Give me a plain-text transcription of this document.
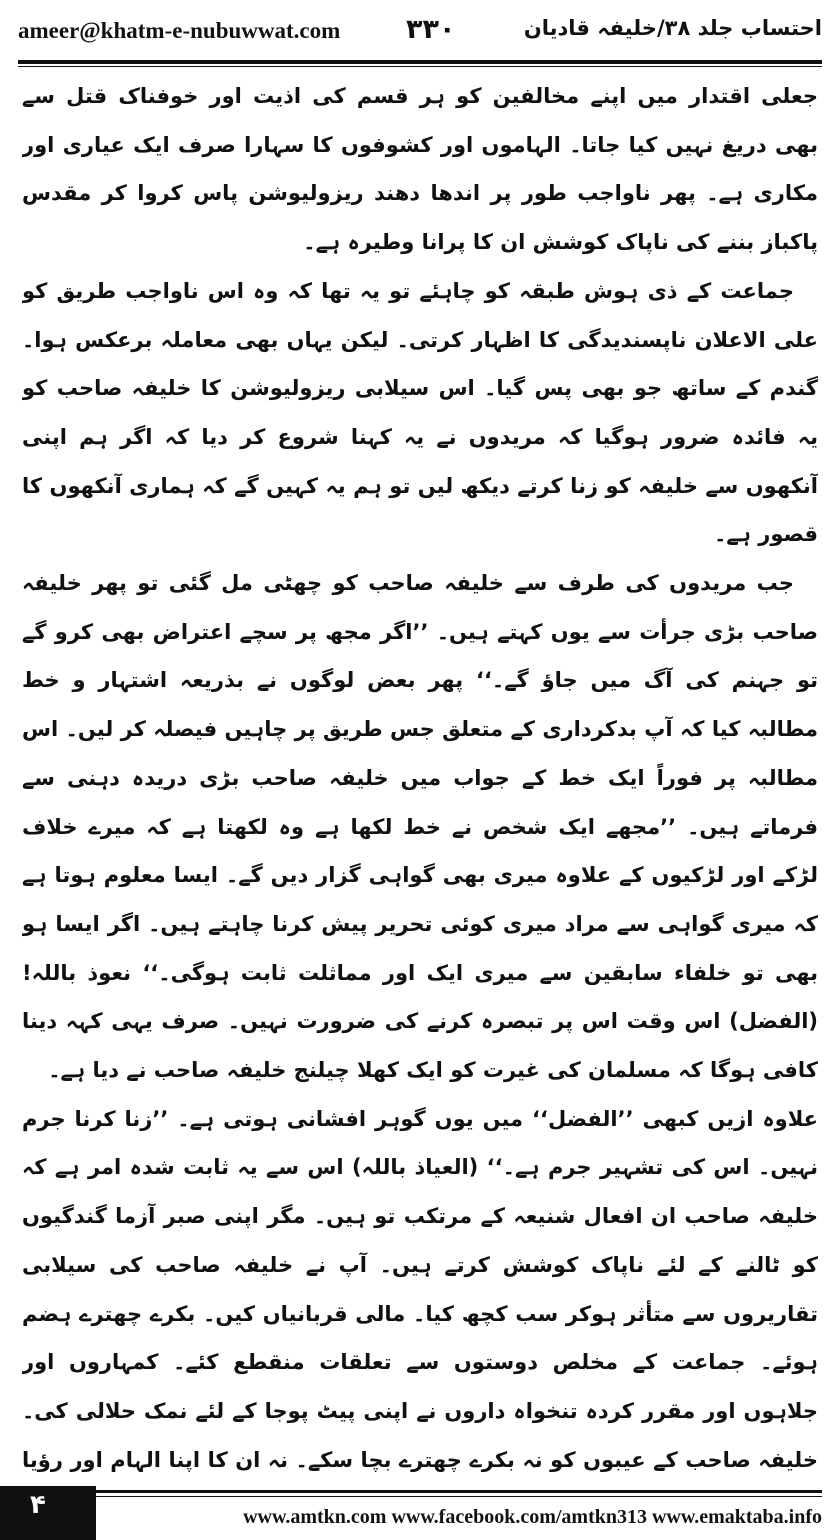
ameer@khatm-e-nubuwwat.com ۳۳۰	احتساب جلد ۳۸/خلیفہ قادیان

جعلی اقتدار میں اپنے مخالفین کو ہر قسم کی اذیت اور خوفناک قتل سے بھی دریغ نہیں کیا جاتا۔ الہاموں اور کشوفوں کا سہارا صرف ایک عیاری اور مکاری ہے۔ پھر ناواجب طور پر اندھا دھند ریزولیوشن پاس کروا کر مقدس پاکباز بننے کی ناپاک کوشش ان کا پرانا وطیرہ ہے۔

جماعت کے ذی ہوش طبقہ کو چاہئے تو یہ تھا کہ وہ اس ناواجب طریق کو علی الاعلان ناپسندیدگی کا اظہار کرتی۔ لیکن یہاں بھی معاملہ برعکس ہوا۔ گندم کے ساتھ جو بھی پس گیا۔ اس سیلابی ریزولیوشن کا خلیفہ صاحب کو یہ فائدہ ضرور ہوگیا کہ مریدوں نے یہ کہنا شروع کر دیا کہ اگر ہم اپنی آنکھوں سے خلیفہ کو زنا کرتے دیکھ لیں تو ہم یہ کہیں گے کہ ہماری آنکھوں کا قصور ہے۔

جب مریدوں کی طرف سے خلیفہ صاحب کو چھٹی مل گئی تو پھر خلیفہ صاحب بڑی جرأت سے یوں کہتے ہیں۔ ’’اگر مجھ پر سچے اعتراض بھی کرو گے تو جہنم کی آگ میں جاؤ گے۔‘‘ پھر بعض لوگوں نے بذریعہ اشتہار و خط مطالبہ کیا کہ آپ بدکرداری کے متعلق جس طریق پر چاہیں فیصلہ کر لیں۔ اس مطالبہ پر فوراً ایک خط کے جواب میں خلیفہ صاحب بڑی دریدہ دہنی سے فرماتے ہیں۔ ’’مجھے ایک شخص نے خط لکھا ہے وہ لکھتا ہے کہ میرے خلاف لڑکے اور لڑکیوں کے علاوہ میری بھی گواہی گزار دیں گے۔ ایسا معلوم ہوتا ہے کہ میری گواہی سے مراد میری کوئی تحریر پیش کرنا چاہتے ہیں۔ اگر ایسا ہو بھی تو خلفاء سابقین سے میری ایک اور مماثلت ثابت ہوگی۔‘‘ نعوذ باللہ! (الفضل) اس وقت اس پر تبصرہ کرنے کی ضرورت نہیں۔ صرف یہی کہہ دینا کافی ہوگا کہ مسلمان کی غیرت کو ایک کھلا چیلنج خلیفہ صاحب نے دیا ہے۔

علاوہ ازیں کبھی ’’الفضل‘‘ میں یوں گوہر افشانی ہوتی ہے۔ ’’زنا کرنا جرم نہیں۔ اس کی تشہیر جرم ہے۔‘‘ (العیاذ باللہ) اس سے یہ ثابت شدہ امر ہے کہ خلیفہ صاحب ان افعال شنیعہ کے مرتکب تو ہیں۔ مگر اپنی صبر آزما گندگیوں کو ٹالنے کے لئے ناپاک کوشش کرتے ہیں۔ آپ نے خلیفہ صاحب کی سیلابی تقاریروں سے متأثر ہوکر سب کچھ کیا۔ مالی قربانیاں کیں۔ بکرے چھترے ہضم ہوئے۔ جماعت کے مخلص دوستوں سے تعلقات منقطع کئے۔ کمہاروں اور جلاہوں اور مقرر کردہ تنخواہ داروں نے اپنی پیٹ پوجا کے لئے نمک حلالی کی۔ خلیفہ صاحب کے عیبوں کو نہ بکرے چھترے بچا سکے۔ نہ ان کا اپنا الہام اور رؤیا

۴	www.amtkn.com www.facebook.com/amtkn313 www.emaktaba.info
